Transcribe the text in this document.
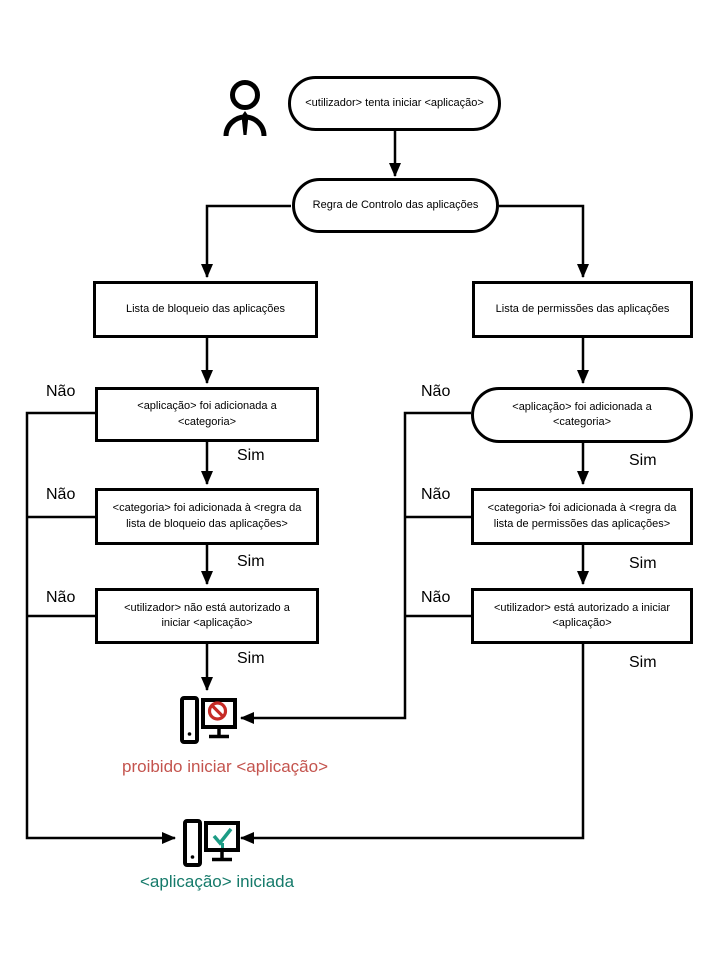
<utilizador> tenta iniciar <aplicação>
Regra de Controlo das aplicações
Lista de bloqueio das aplicações	Lista de permissões das aplicações
<aplicação> foi adicionada a <categoria>
<aplicação> foi adicionada a <categoria>
<categoria> foi adicionada à <regra da lista de bloqueio das aplicações>
<categoria> foi adicionada à <regra da lista de permissões das aplicações>
<utilizador> não está autorizado a iniciar <aplicação>
<utilizador> está autorizado a iniciar <aplicação>
Não
Não
Não
Sim
Sim
Sim
Não
Não
Não
Sim
Sim
Sim
proibido iniciar <aplicação>
<aplicação> iniciada
